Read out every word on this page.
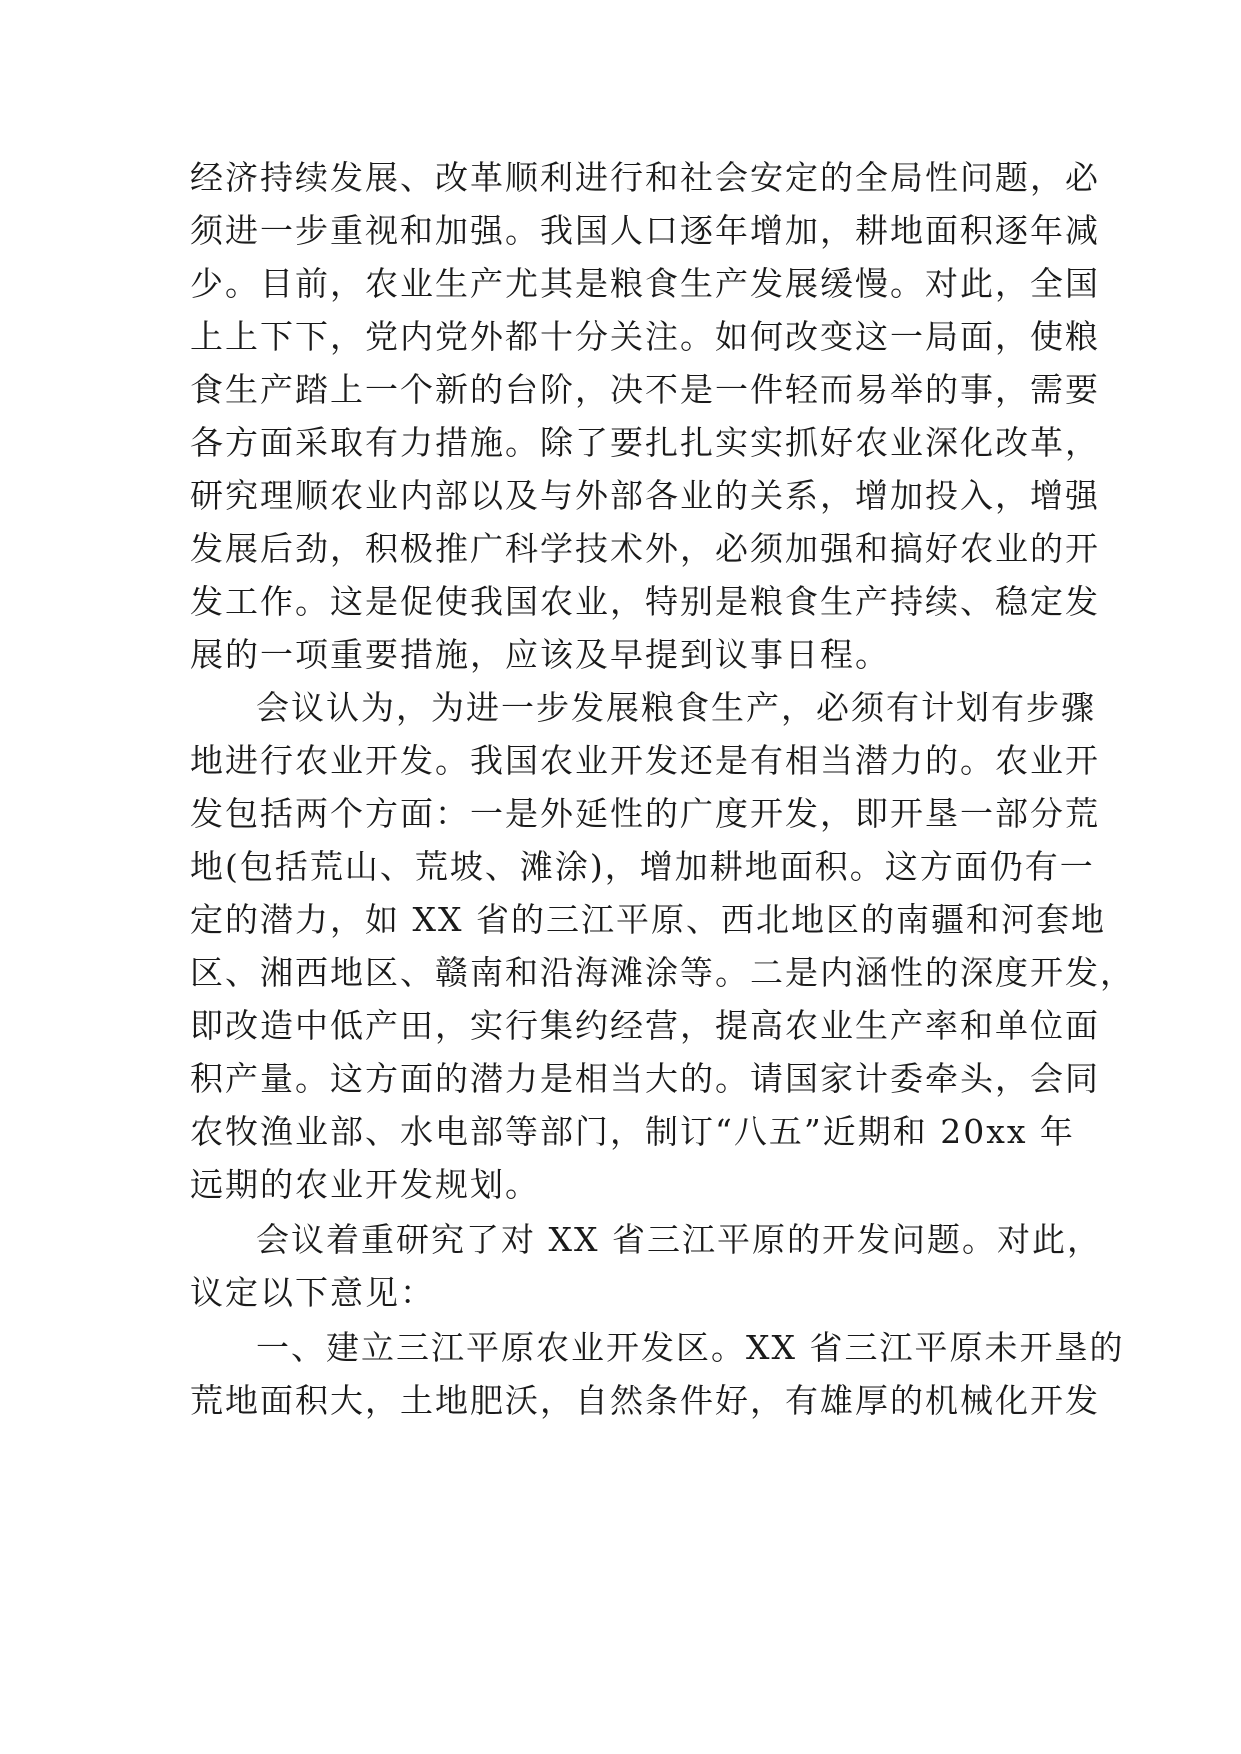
经济持续发展、改革顺利进行和社会安定的全局性问题，必
须进一步重视和加强。我国人口逐年增加，耕地面积逐年减
少。目前，农业生产尤其是粮食生产发展缓慢。对此，全国
上上下下，党内党外都十分关注。如何改变这一局面，使粮
食生产踏上一个新的台阶，决不是一件轻而易举的事，需要
各方面采取有力措施。除了要扎扎实实抓好农业深化改革，
研究理顺农业内部以及与外部各业的关系，增加投入，增强
发展后劲，积极推广科学技术外，必须加强和搞好农业的开
发工作。这是促使我国农业，特别是粮食生产持续、稳定发
展的一项重要措施，应该及早提到议事日程。
会议认为，为进一步发展粮食生产，必须有计划有步骤
地进行农业开发。我国农业开发还是有相当潜力的。农业开
发包括两个方面：一是外延性的广度开发，即开垦一部分荒
地(包括荒山、荒坡、滩涂)，增加耕地面积。这方面仍有一
定的潜力，如 XX 省的三江平原、西北地区的南疆和河套地
区、湘西地区、赣南和沿海滩涂等。二是内涵性的深度开发，
即改造中低产田，实行集约经营，提高农业生产率和单位面
积产量。这方面的潜力是相当大的。请国家计委牵头，会同
农牧渔业部、水电部等部门，制订“八五”近期和 20xx 年
远期的农业开发规划。
会议着重研究了对 XX 省三江平原的开发问题。对此，
议定以下意见：
一、建立三江平原农业开发区。XX 省三江平原未开垦的
荒地面积大，土地肥沃，自然条件好，有雄厚的机械化开发
